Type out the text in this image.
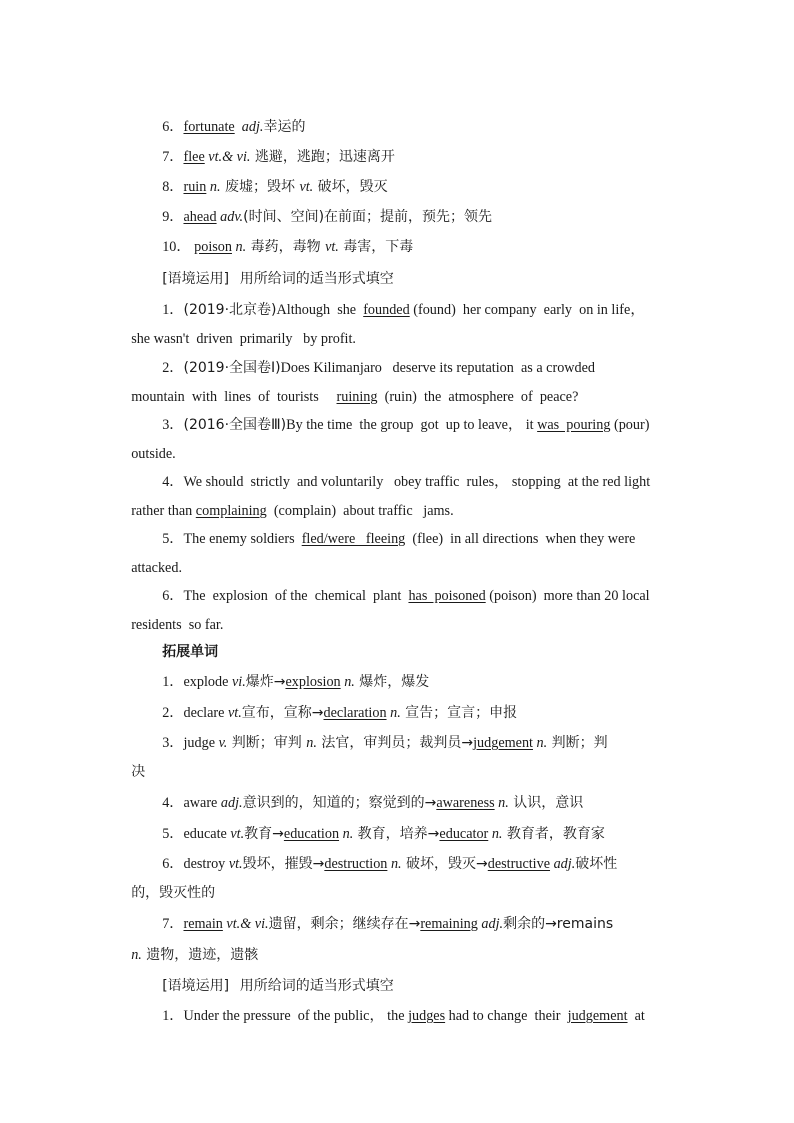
6．fortunate adj.幸运的

7．flee vt.& vi. 逃避，逃跑；迅速离开

8．ruin n. 废墟；毁坏 vt. 破坏，毁灭

9．ahead adv.(时间、空间)在前面；提前，预先；领先

10． poison n. 毒药，毒物 vt. 毒害，下毒

[语境运用] 用所给词的适当形式填空

1．(2019·北京卷)Although  she  founded (found)  her company  early  on in life，

she wasn't  driven  primarily   by profit.

2．(2019·全国卷Ⅰ)Does Kilimanjaro   deserve its reputation  as a crowded

mountain  with  lines  of  tourists     ruining  (ruin)  the  atmosphere  of  peace?

3．(2016·全国卷Ⅲ)By the time  the group  got  up to leave， it was  pouring (pour)

outside.

4．We should  strictly  and voluntarily   obey traffic  rules， stopping  at the red light

rather than complaining  (complain)  about traffic   jams.

5．The enemy soldiers  fled/were   fleeing  (flee)  in all directions  when they were

attacked.

6．The  explosion  of the  chemical  plant  has  poisoned (poison)  more than 20 local

residents  so far.

拓展单词

1．explode vi.爆炸→explosion n. 爆炸，爆发

2．declare vt.宣布，宣称→declaration n. 宣告；宣言；申报

3．judge v. 判断；审判 n. 法官，审判员；裁判员→judgement n. 判断；判

决

4．aware adj.意识到的，知道的；察觉到的→awareness n. 认识，意识

5．educate vt.教育→education n. 教育，培养→educator n. 教育者，教育家

6．destroy vt.毁坏，摧毁→destruction n. 破坏，毁灭→destructive adj.破坏性

的，毁灭性的

7．remain vt.& vi.遗留，剩余；继续存在→remaining adj.剩余的→remains

n. 遗物，遗迹，遗骸

[语境运用] 用所给词的适当形式填空

1．Under the pressure  of the public， the judges had to change  their  judgement  at
